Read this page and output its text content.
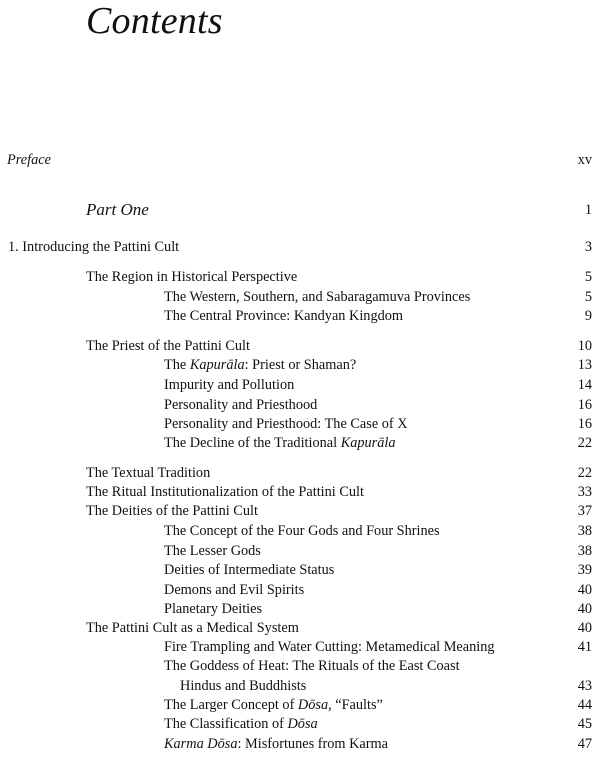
Contents
Preface	xv
Part One	1
1. Introducing the Pattini Cult	3
The Region in Historical Perspective	5
The Western, Southern, and Sabaragamuva Provinces	5
The Central Province: Kandyan Kingdom	9
The Priest of the Pattini Cult	10
The Kapurāla: Priest or Shaman?	13
Impurity and Pollution	14
Personality and Priesthood	16
Personality and Priesthood: The Case of X	16
The Decline of the Traditional Kapurāla	22
The Textual Tradition	22
The Ritual Institutionalization of the Pattini Cult	33
The Deities of the Pattini Cult	37
The Concept of the Four Gods and Four Shrines	38
The Lesser Gods	38
Deities of Intermediate Status	39
Demons and Evil Spirits	40
Planetary Deities	40
The Pattini Cult as a Medical System	40
Fire Trampling and Water Cutting: Metamedical Meaning	41
The Goddess of Heat: The Rituals of the East Coast
Hindus and Buddhists	43
The Larger Concept of Dōsa, “Faults”	44
The Classification of Dōsa	45
Karma Dōsa: Misfortunes from Karma	47
